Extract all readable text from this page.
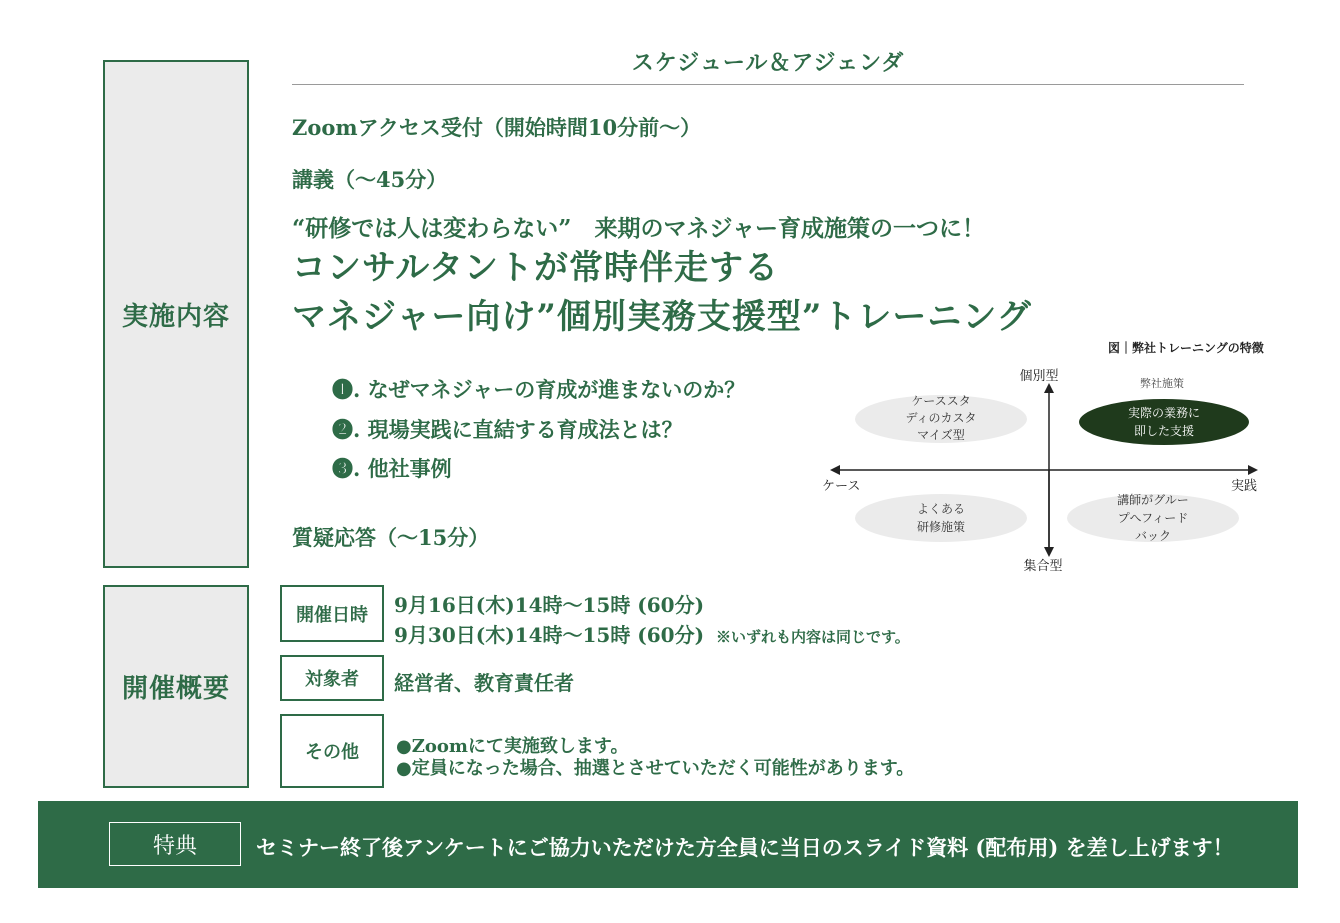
実施内容
開催概要
スケジュール＆アジェンダ
Zoomアクセス受付（開始時間10分前〜）
講義（〜45分）
“研修では人は変わらない”　来期のマネジャー育成施策の一つに！
コンサルタントが常時伴走する
マネジャー向け”個別実務支援型”トレーニング
❶. なぜマネジャーの育成が進まないのか？
❷. 現場実践に直結する育成法とは？
❸. 他社事例
質疑応答（〜15分）
図｜弊社トレーニングの特徴
個別型
集合型
ケース	実践
弊社施策
ケーススタ
ディのカスタ
マイズ型
実際の業務に
即した支援
よくある
研修施策
講師がグルー
プへフィード
バック
開催日時 9月16日(木)14時〜15時 (60分)
9月30日(木)14時〜15時 (60分) ※いずれも内容は同じです。
対象者 経営者、教育責任者
その他 ●Zoomにて実施致します。
●定員になった場合、抽選とさせていただく可能性があります。
特典	セミナー終了後アンケートにご協力いただけた方全員に当日のスライド資料 (配布用) を差し上げます！
